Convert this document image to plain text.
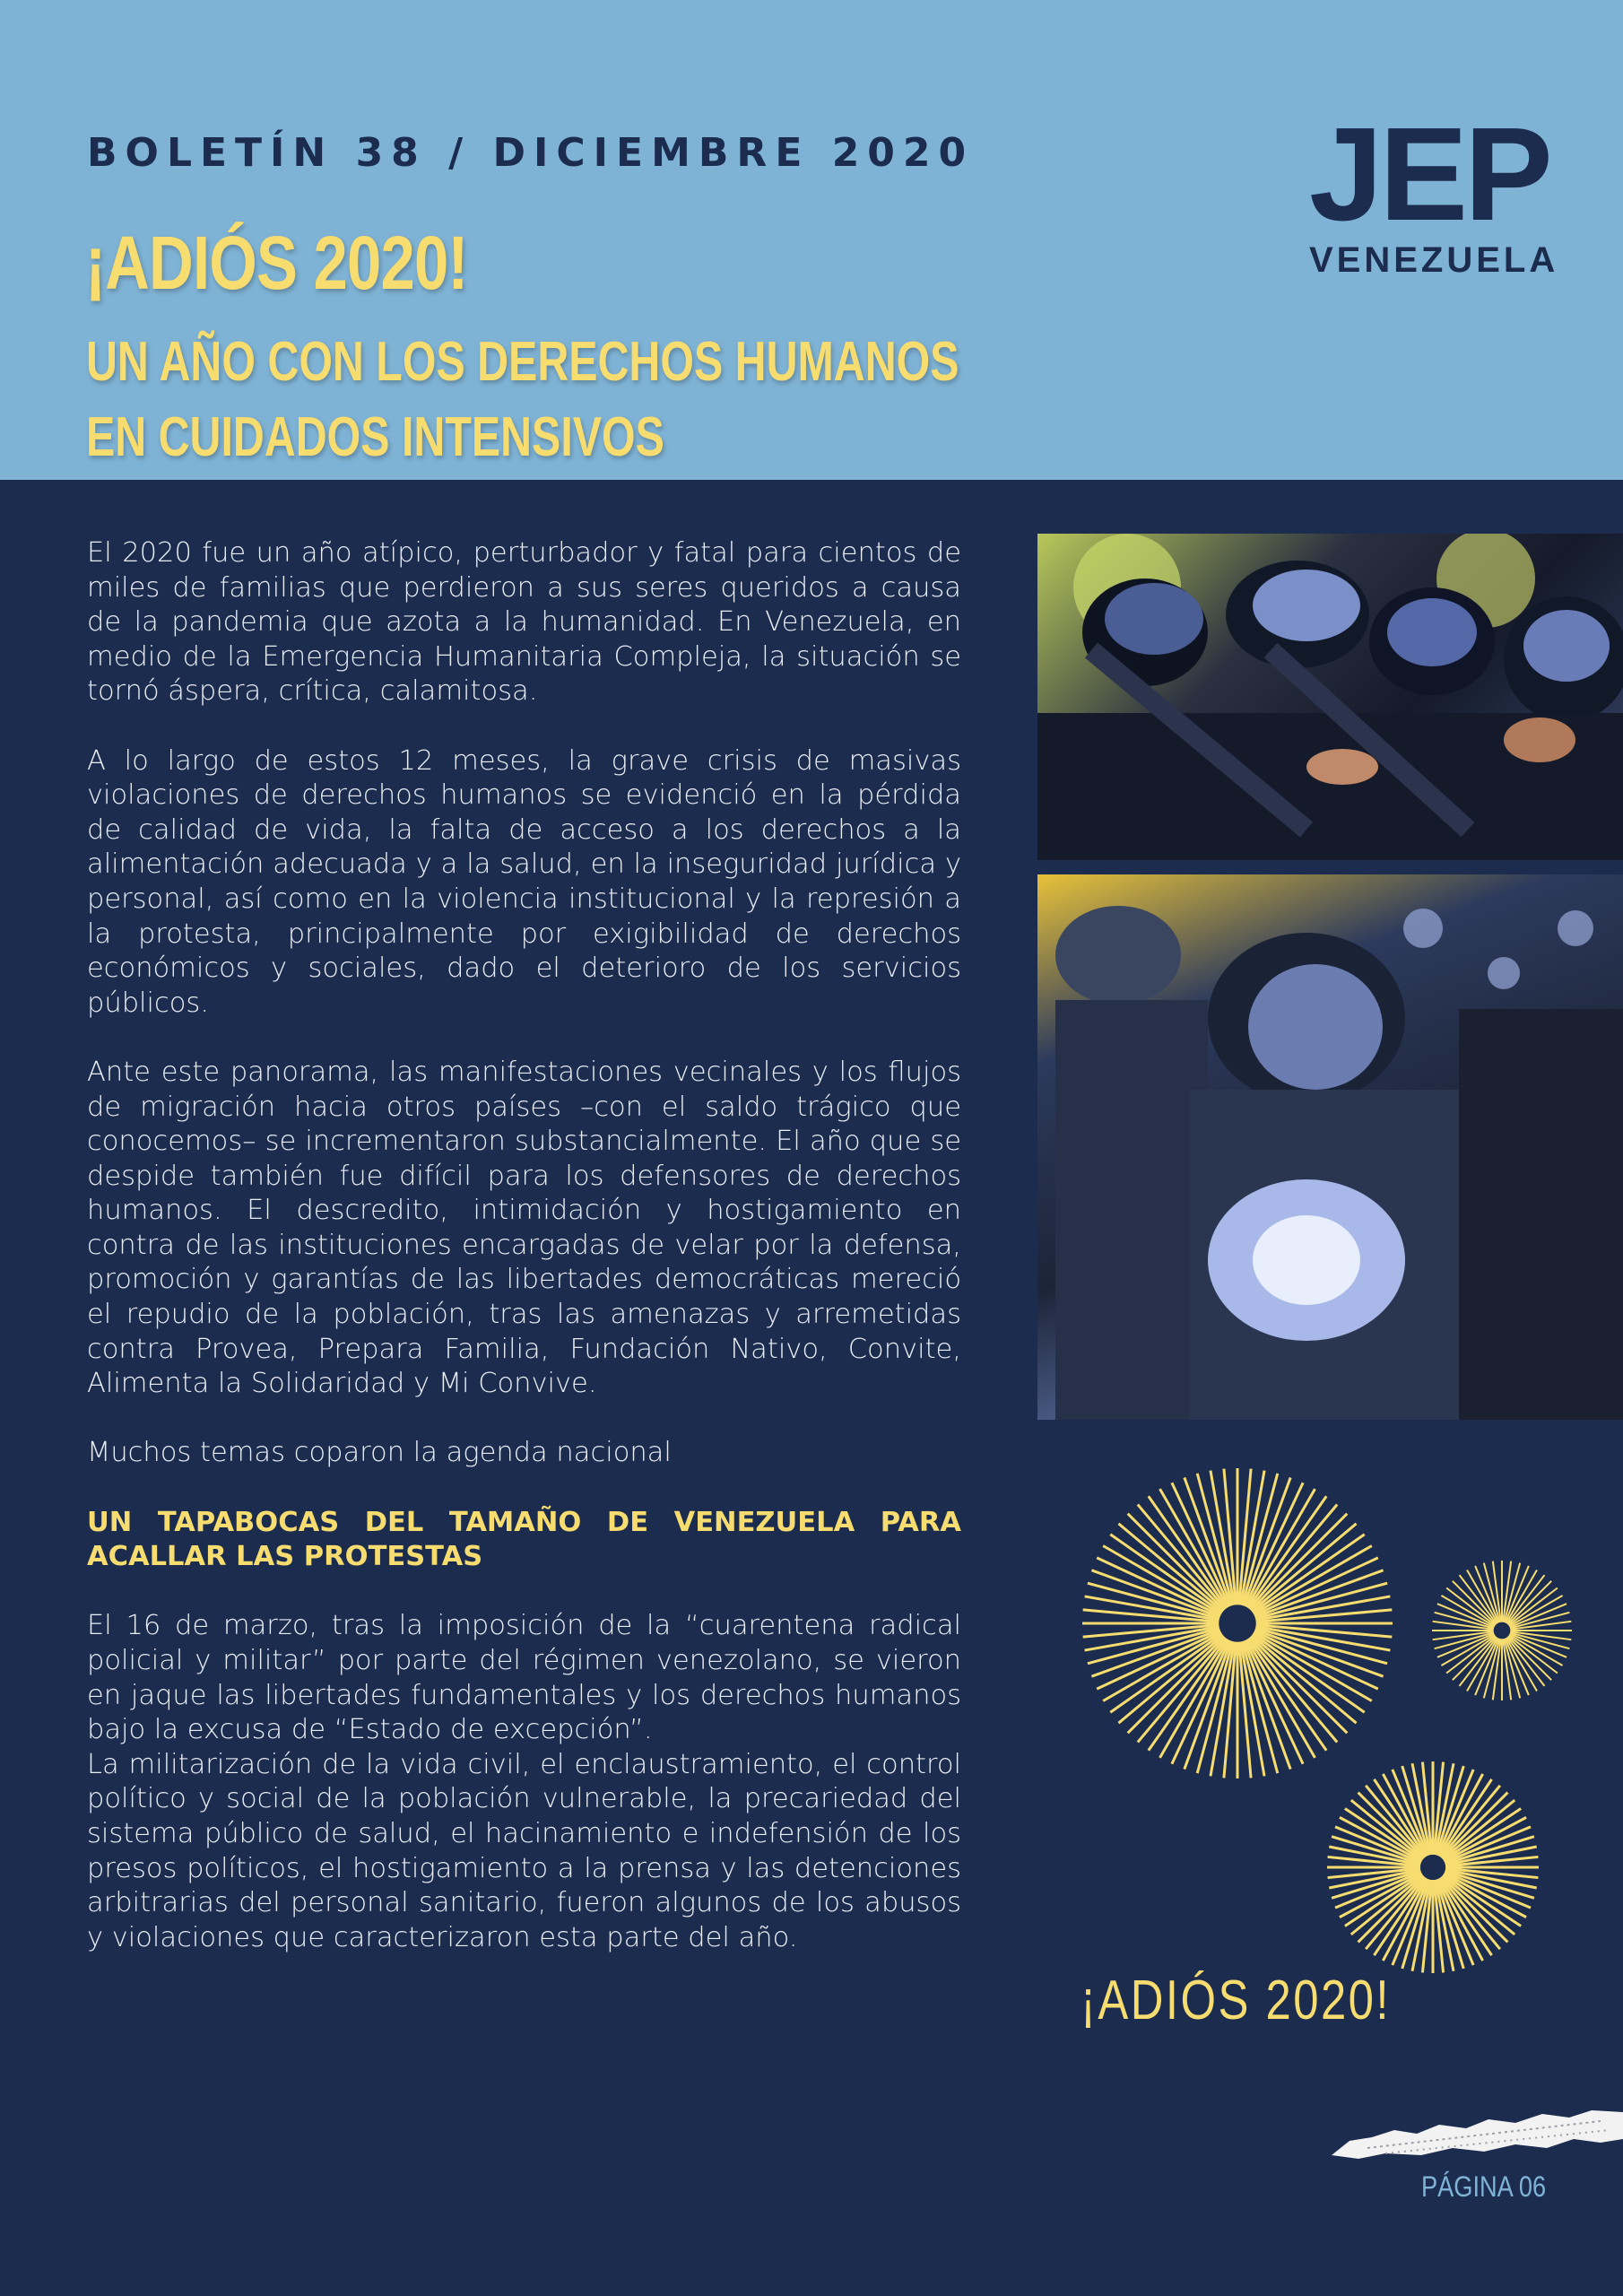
BOLETÍN 38 / DICIEMBRE 2020
¡ADIÓS 2020!
UN AÑO CON LOS DERECHOS HUMANOS
EN CUIDADOS INTENSIVOS
JEP
VENEZUELA

El 2020 fue un año atípico, perturbador y fatal para cientos de miles de familias que perdieron a sus seres queridos a causa de la pandemia que azota a la humanidad. En Venezuela, en medio de la Emergencia Humanitaria Compleja, la situación se tornó áspera, crítica, calamitosa.

A lo largo de estos 12 meses, la grave crisis de masivas violaciones de derechos humanos se evidenció en la pérdida de calidad de vida, la falta de acceso a los derechos a la alimentación adecuada y a la salud, en la inseguridad jurídica y personal, así como en la violencia institucional y la represión a la protesta, principalmente por exigibilidad de derechos económicos y sociales, dado el deterioro de los servicios públicos.

Ante este panorama, las manifestaciones vecinales y los flujos de migración hacia otros países –con el saldo trágico que conocemos– se incrementaron substancialmente. El año que se despide también fue difícil para los defensores de derechos humanos. El descredito, intimidación y hostigamiento en contra de las instituciones encargadas de velar por la defensa, promoción y garantías de las libertades democráticas mereció el repudio de la población, tras las amenazas y arremetidas contra Provea, Prepara Familia, Fundación Nativo, Convite, Alimenta la Solidaridad y Mi Convive.

Muchos temas coparon la agenda nacional

UN TAPABOCAS DEL TAMAÑO DE VENEZUELA PARA ACALLAR LAS PROTESTAS

El 16 de marzo, tras la imposición de la “cuarentena radical policial y militar” por parte del régimen venezolano, se vieron en jaque las libertades fundamentales y los derechos humanos bajo la excusa de “Estado de excepción”.

La militarización de la vida civil, el enclaustramiento, el control político y social de la población vulnerable, la precariedad del sistema público de salud, el hacinamiento e indefensión de los presos políticos, el hostigamiento a la prensa y las detenciones arbitrarias del personal sanitario, fueron algunos de los abusos y violaciones que caracterizaron esta parte del año.

¡ADIÓS 2020!
PÁGINA 06
